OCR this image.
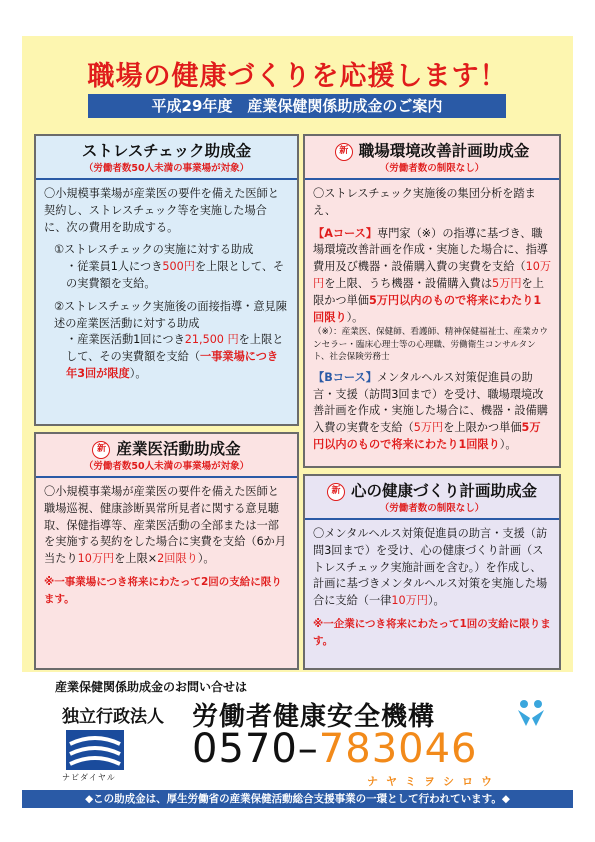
職場の健康づくりを応援します！
平成29年度　産業保健関係助成金のご案内
ストレスチェック助成金
（労働者数50人未満の事業場が対象）
〇小規模事業場が産業医の要件を備えた医師と契約し、ストレスチェック等を実施した場合に、次の費用を助成する。
①ストレスチェックの実施に対する助成
・従業員1人につき500円を上限として、その実費額を支給。
②ストレスチェック実施後の面接指導・意見陳述の産業医活動に対する助成
・産業医活動1回につき21,500 円を上限として、その実費額を支給（一事業場につき年3回が限度）。
新 産業医活動助成金
（労働者数50人未満の事業場が対象）
〇小規模事業場が産業医の要件を備えた医師と職場巡視、健康診断異常所見者に関する意見聴取、保健指導等、産業医活動の全部または一部を実施する契約をした場合に実費を支給（6か月当たり10万円を上限×2回限り）。
※一事業場につき将来にわたって2回の支給に限ります。
新 職場環境改善計画助成金
（労働者数の制限なし）
〇ストレスチェック実施後の集団分析を踏まえ、
【Aコース】専門家（※）の指導に基づき、職場環境改善計画を作成・実施した場合に、指導費用及び機器・設備購入費の実費を支給（10万円を上限、うち機器・設備購入費は5万円を上限かつ単価5万円以内のもので将来にわたり1回限り）。
（※）：産業医、保健師、看護師、精神保健福祉士、産業カウンセラー・臨床心理士等の心理職、労働衛生コンサルタント、社会保険労務士
【Bコース】メンタルヘルス対策促進員の助言・支援（訪問3回まで）を受け、職場環境改善計画を作成・実施した場合に、機器・設備購入費の実費を支給（5万円を上限かつ単価5万円以内のもので将来にわたり1回限り）。
新 心の健康づくり計画助成金
（労働者数の制限なし）
〇メンタルヘルス対策促進員の助言・支援（訪問3回まで）を受け、心の健康づくり計画（ストレスチェック実施計画を含む。）を作成し、計画に基づきメンタルヘルス対策を実施した場合に支給（一律10万円）。
※一企業につき将来にわたって1回の支給に限ります。
産業保健関係助成金のお問い合せは
独立行政法人 労働者健康安全機構
ナビダイヤル
0570–783046
ナヤミヲシロウ
◆この助成金は、厚生労働省の産業保健活動総合支援事業の一環として行われています。◆
